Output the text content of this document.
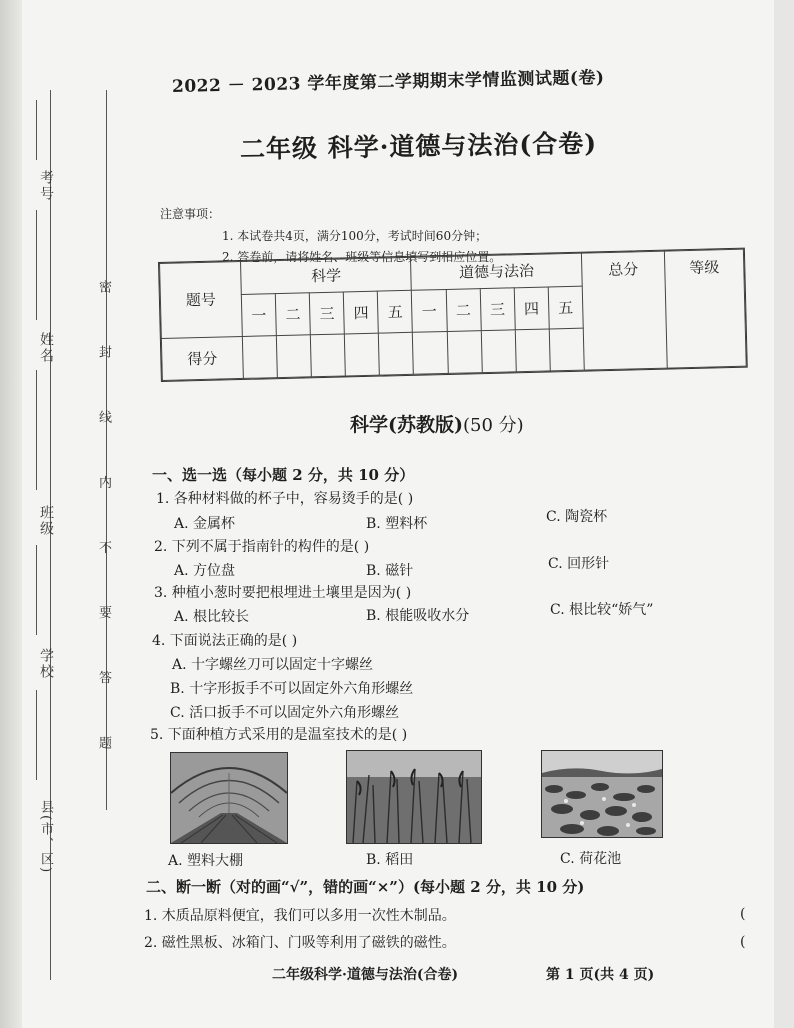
考号
姓名
班级
学校
县(市、区)
密 封 线 内 不 要 答 题
2022 － 2023 学年度第二学期期末学情监测试题(卷)
二年级 科学·道德与法治(合卷)
注意事项：
1. 本试卷共4页，满分100分，考试时间60分钟；
2. 答卷前，请将姓名、班级等信息填写到相应位置。
题号	科学					道德与法治					总分	等级
	一	二	三	四	五	一	二	三	四	五		
得分												
科学(苏教版)(50 分)
一、选一选（每小题 2 分，共 10 分）
1. 各种材料做的杯子中，容易烫手的是( )
A. 金属杯	B. 塑料杯	C. 陶瓷杯
2. 下列不属于指南针的构件的是( )
A. 方位盘	B. 磁针	C. 回形针
3. 种植小葱时要把根埋进土壤里是因为( )
A. 根比较长	B. 根能吸收水分	C. 根比较“娇气”
4. 下面说法正确的是( )
A. 十字螺丝刀可以固定十字螺丝
B. 十字形扳手不可以固定外六角形螺丝
C. 活口扳手不可以固定外六角形螺丝
5. 下面种植方式采用的是温室技术的是( )
A. 塑料大棚	B. 稻田	C. 荷花池
二、断一断（对的画“√”，错的画“×”）(每小题 2 分，共 10 分)
1. 木质品原料便宜，我们可以多用一次性木制品。	(
2. 磁性黑板、冰箱门、门吸等利用了磁铁的磁性。	(
二年级科学·道德与法治(合卷)	第 1 页(共 4 页)
